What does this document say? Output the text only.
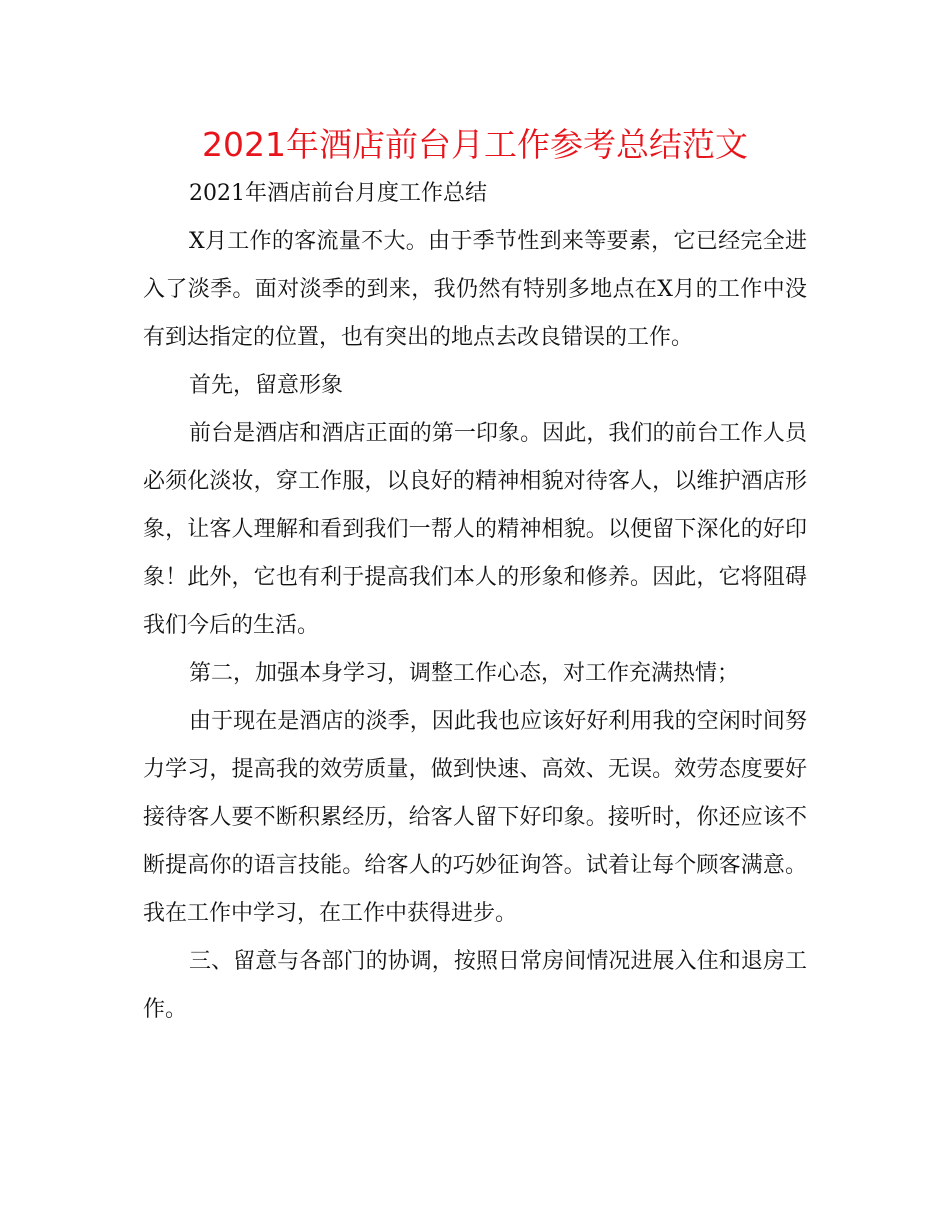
2021年酒店前台月工作参考总结范文

2021年酒店前台月度工作总结

X月工作的客流量不大。由于季节性到来等要素，它已经完全进入了淡季。面对淡季的到来，我仍然有特别多地点在X月的工作中没有到达指定的位置，也有突出的地点去改良错误的工作。

首先，留意形象

前台是酒店和酒店正面的第一印象。因此，我们的前台工作人员必须化淡妆，穿工作服，以良好的精神相貌对待客人，以维护酒店形象，让客人理解和看到我们一帮人的精神相貌。以便留下深化的好印象！此外，它也有利于提高我们本人的形象和修养。因此，它将阻碍我们今后的生活。

第二，加强本身学习，调整工作心态，对工作充满热情；

由于现在是酒店的淡季，因此我也应该好好利用我的空闲时间努力学习，提高我的效劳质量，做到快速、高效、无误。效劳态度要好接待客人要不断积累经历，给客人留下好印象。接听时，你还应该不断提高你的语言技能。给客人的巧妙征询答。试着让每个顾客满意。我在工作中学习，在工作中获得进步。

三、留意与各部门的协调，按照日常房间情况进展入住和退房工作。
